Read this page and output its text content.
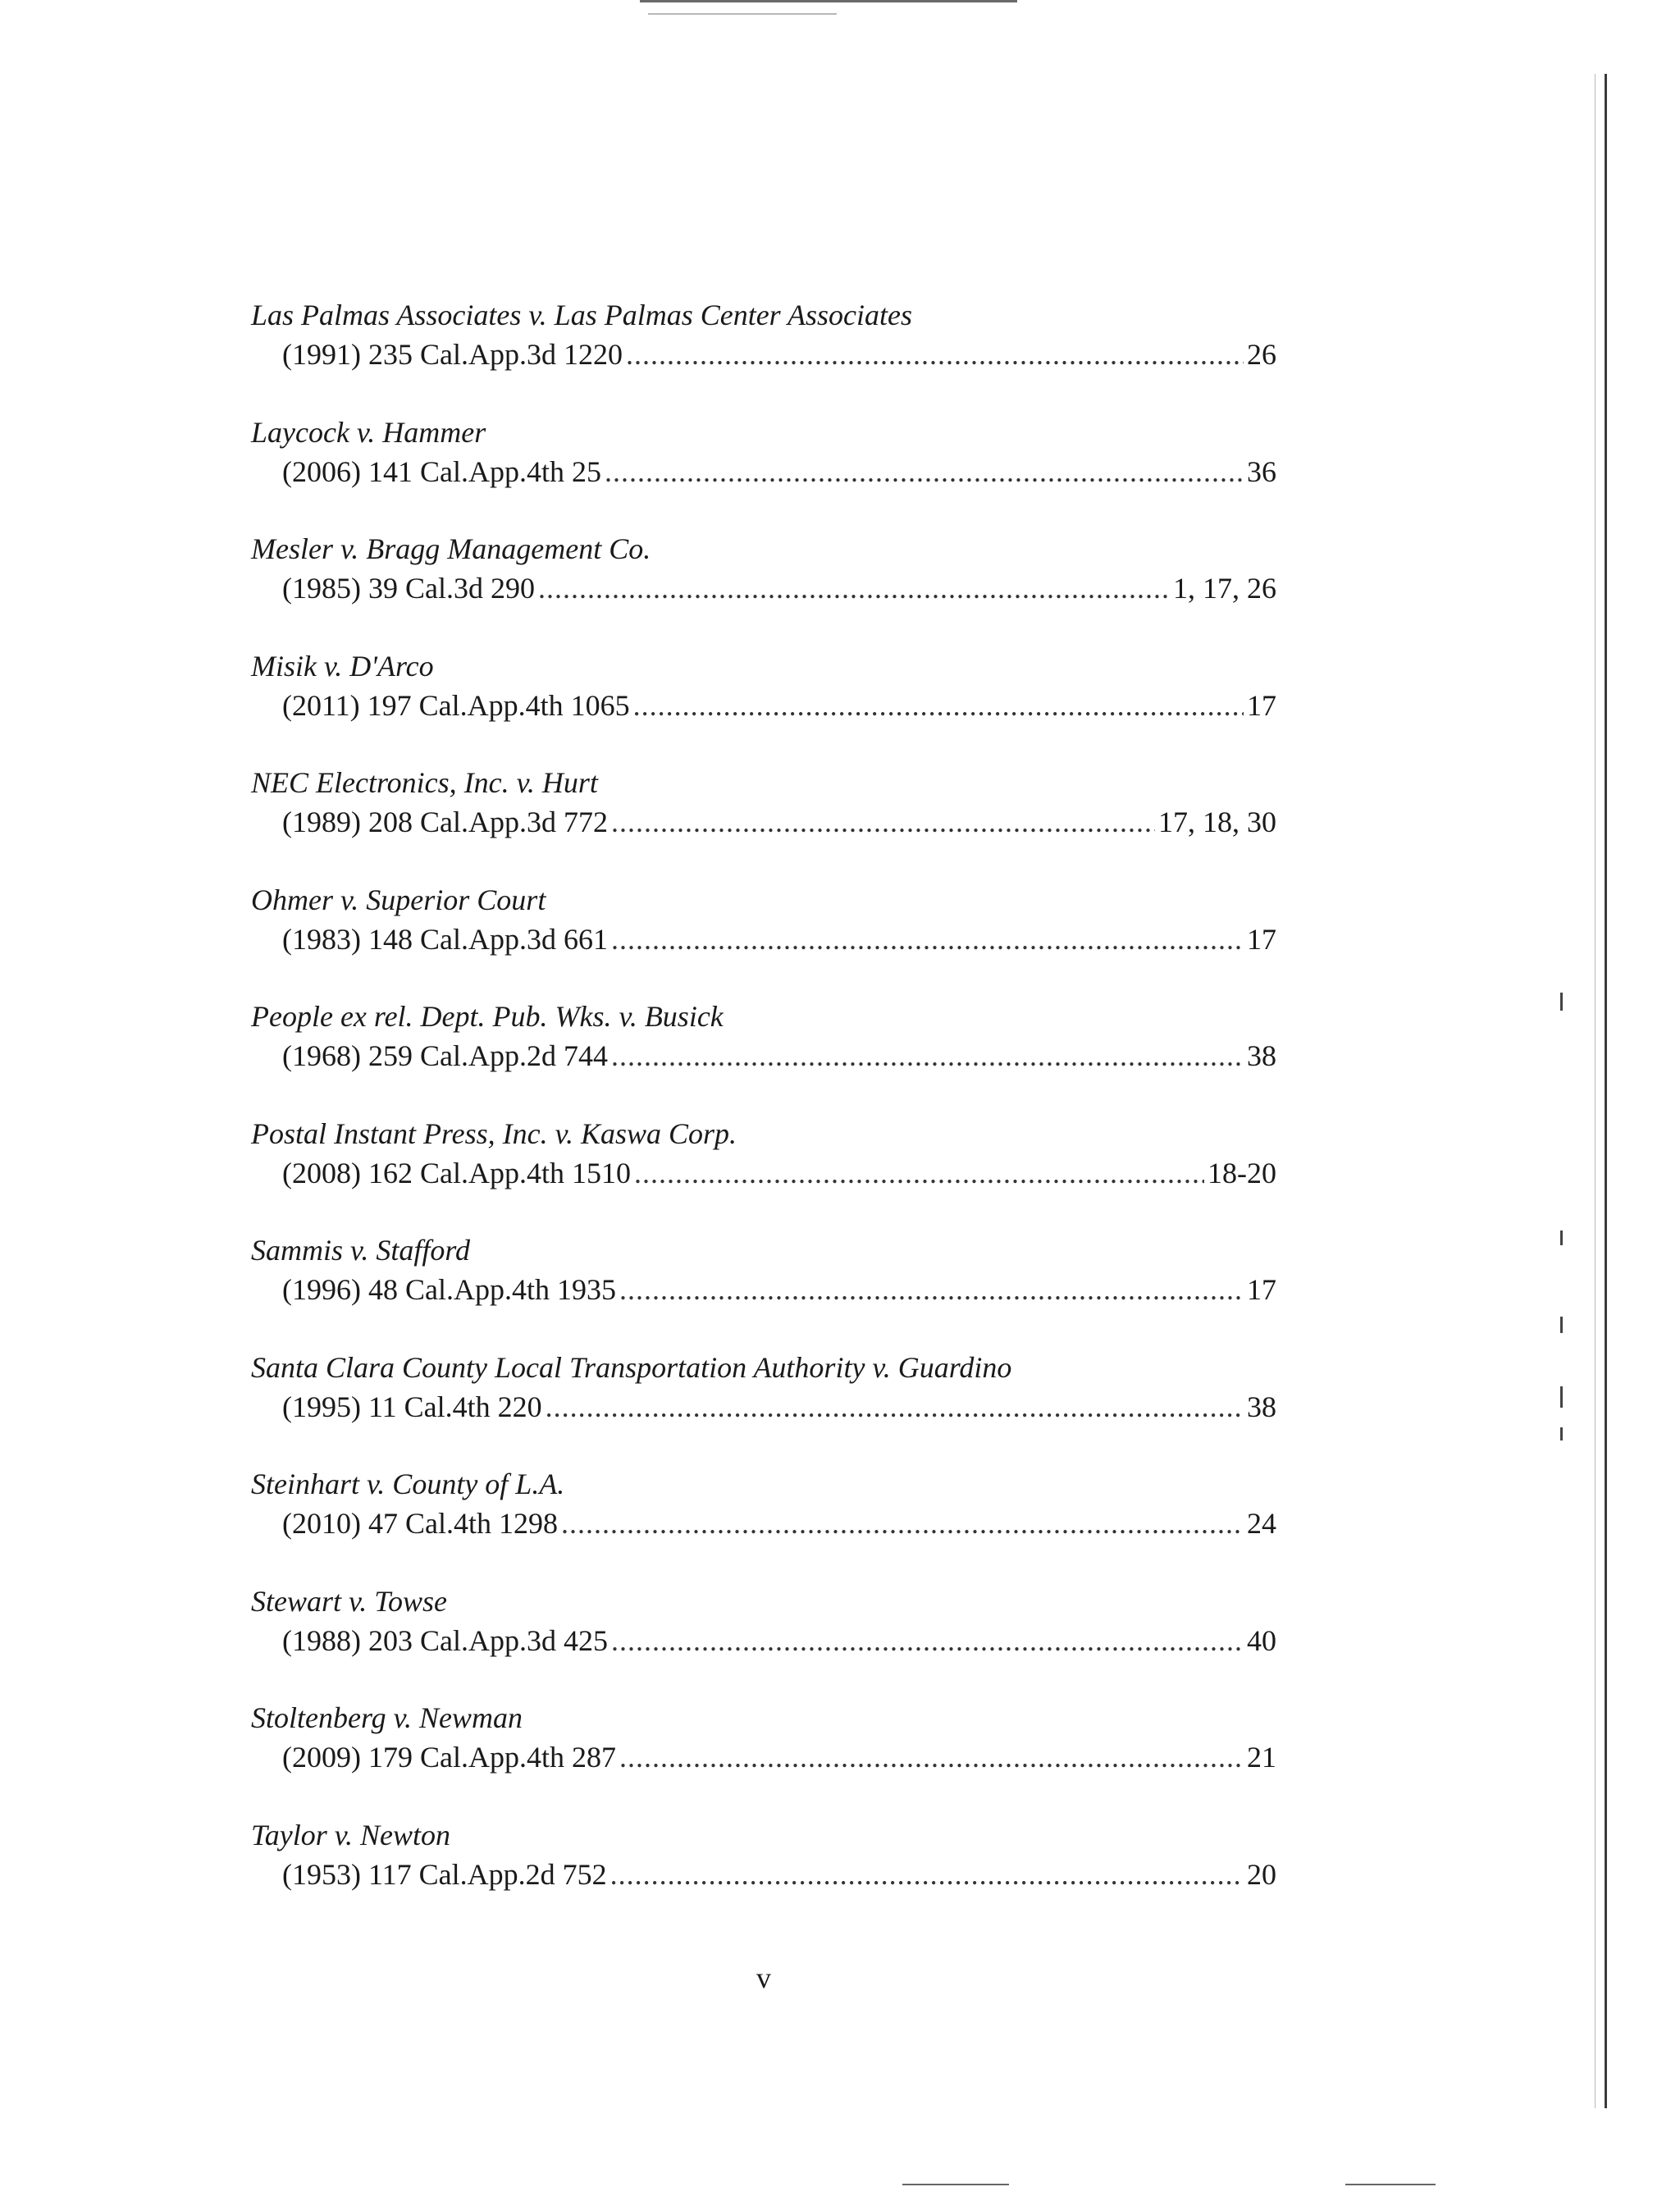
Las Palmas Associates v. Las Palmas Center Associates
(1991) 235 Cal.App.3d 1220 .....	26
Laycock v. Hammer
(2006) 141 Cal.App.4th 25 .....	36
Mesler v. Bragg Management Co.
(1985) 39 Cal.3d 290 .....	1, 17, 26
Misik v. D'Arco
(2011) 197 Cal.App.4th 1065 .....	17
NEC Electronics, Inc. v. Hurt
(1989) 208 Cal.App.3d 772 .....	17, 18, 30
Ohmer v. Superior Court
(1983) 148 Cal.App.3d 661 .....	17
People ex rel. Dept. Pub. Wks. v. Busick
(1968) 259 Cal.App.2d 744 .....	38
Postal Instant Press, Inc. v. Kaswa Corp.
(2008) 162 Cal.App.4th 1510 .....	18-20
Sammis v. Stafford
(1996) 48 Cal.App.4th 1935 .....	17
Santa Clara County Local Transportation Authority v. Guardino
(1995) 11 Cal.4th 220 .....	38
Steinhart v. County of L.A.
(2010) 47 Cal.4th 1298 .....	24
Stewart v. Towse
(1988) 203 Cal.App.3d 425 .....	40
Stoltenberg v. Newman
(2009) 179 Cal.App.4th 287 .....	21
Taylor v. Newton
(1953) 117 Cal.App.2d 752 .....	20
v
